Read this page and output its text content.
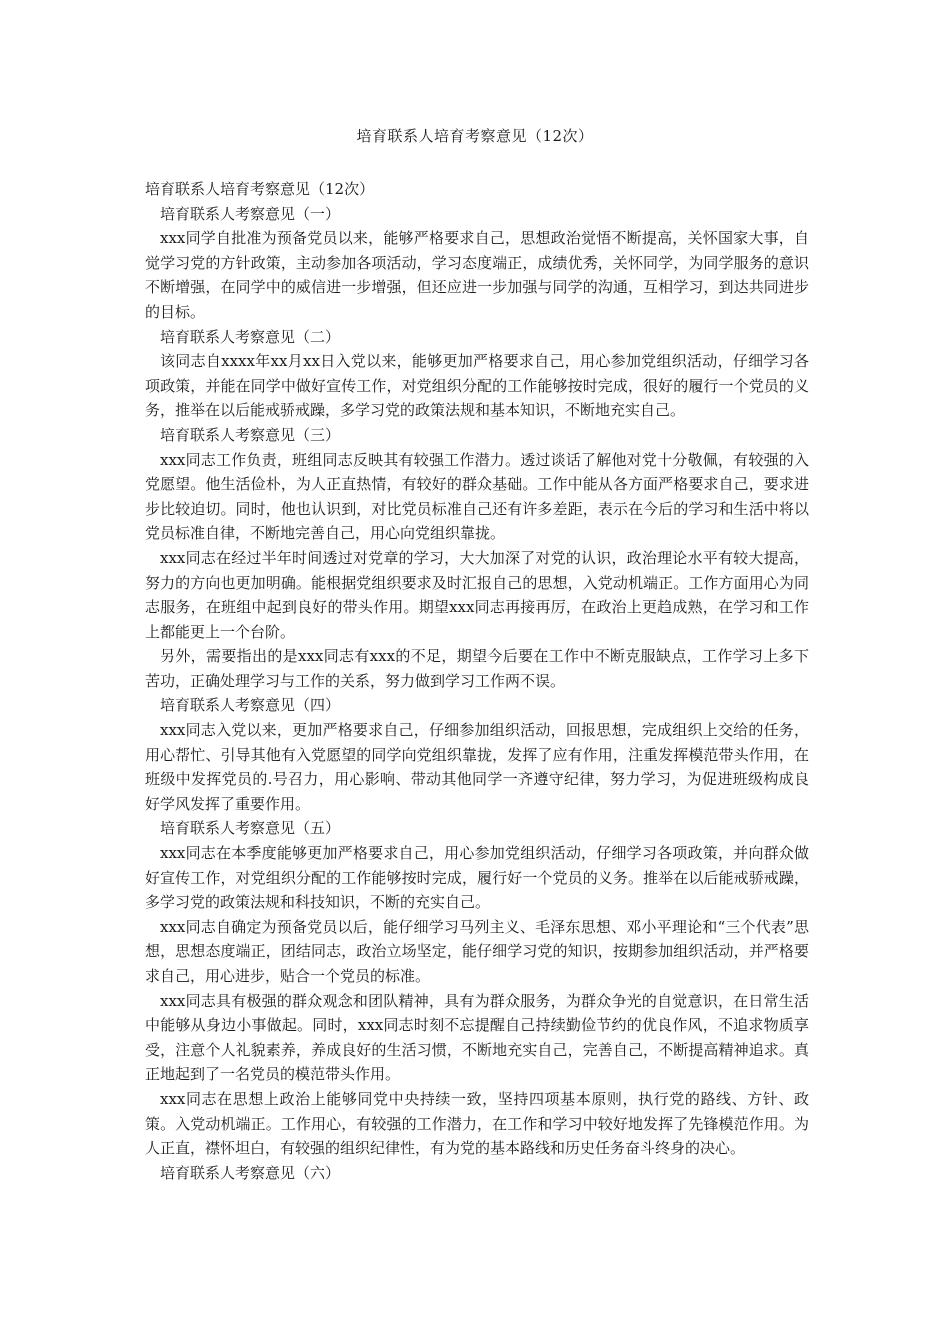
培育联系人培育考察意见（12次）

培育联系人培育考察意见（12次）

培育联系人考察意见（一）

xxx同学自批准为预备党员以来，能够严格要求自己，思想政治觉悟不断提高，关怀国家大事，自觉学习党的方针政策，主动参加各项活动，学习态度端正，成绩优秀，关怀同学，为同学服务的意识不断增强，在同学中的威信进一步增强，但还应进一步加强与同学的沟通，互相学习，到达共同进步的目标。

培育联系人考察意见（二）

该同志自xxxx年xx月xx日入党以来，能够更加严格要求自己，用心参加党组织活动，仔细学习各项政策，并能在同学中做好宣传工作，对党组织分配的工作能够按时完成，很好的履行一个党员的义务，推举在以后能戒骄戒躁，多学习党的政策法规和基本知识，不断地充实自己。

培育联系人考察意见（三）

xxx同志工作负责，班组同志反映其有较强工作潜力。透过谈话了解他对党十分敬佩，有较强的入党愿望。他生活俭朴，为人正直热情，有较好的群众基础。工作中能从各方面严格要求自己，要求进步比较迫切。同时，他也认识到，对比党员标准自己还有许多差距，表示在今后的学习和生活中将以党员标准自律，不断地完善自己，用心向党组织靠拢。

xxx同志在经过半年时间透过对党章的学习，大大加深了对党的认识，政治理论水平有较大提高，努力的方向也更加明确。能根据党组织要求及时汇报自己的思想，入党动机端正。工作方面用心为同志服务，在班组中起到良好的带头作用。期望xxx同志再接再厉，在政治上更趋成熟，在学习和工作上都能更上一个台阶。

另外，需要指出的是xxx同志有xxx的不足，期望今后要在工作中不断克服缺点，工作学习上多下苦功，正确处理学习与工作的关系，努力做到学习工作两不误。

培育联系人考察意见（四）

xxx同志入党以来，更加严格要求自己，仔细参加组织活动，回报思想，完成组织上交给的任务，用心帮忙、引导其他有入党愿望的同学向党组织靠拢，发挥了应有作用，注重发挥模范带头作用，在班级中发挥党员的.号召力，用心影响、带动其他同学一齐遵守纪律，努力学习，为促进班级构成良好学风发挥了重要作用。

培育联系人考察意见（五）

xxx同志在本季度能够更加严格要求自己，用心参加党组织活动，仔细学习各项政策，并向群众做好宣传工作，对党组织分配的工作能够按时完成，履行好一个党员的义务。推举在以后能戒骄戒躁，多学习党的政策法规和科技知识，不断的充实自己。

xxx同志自确定为预备党员以后，能仔细学习马列主义、毛泽东思想、邓小平理论和“三个代表”思想，思想态度端正，团结同志，政治立场坚定，能仔细学习党的知识，按期参加组织活动，并严格要求自己，用心进步，贴合一个党员的标准。

xxx同志具有极强的群众观念和团队精神，具有为群众服务，为群众争光的自觉意识，在日常生活中能够从身边小事做起。同时，xxx同志时刻不忘提醒自己持续勤俭节约的优良作风，不追求物质享受，注意个人礼貌素养，养成良好的生活习惯，不断地充实自己，完善自己，不断提高精神追求。真正地起到了一名党员的模范带头作用。

xxx同志在思想上政治上能够同党中央持续一致，坚持四项基本原则，执行党的路线、方针、政策。入党动机端正。工作用心，有较强的工作潜力，在工作和学习中较好地发挥了先锋模范作用。为人正直，襟怀坦白，有较强的组织纪律性，有为党的基本路线和历史任务奋斗终身的决心。

培育联系人考察意见（六）
